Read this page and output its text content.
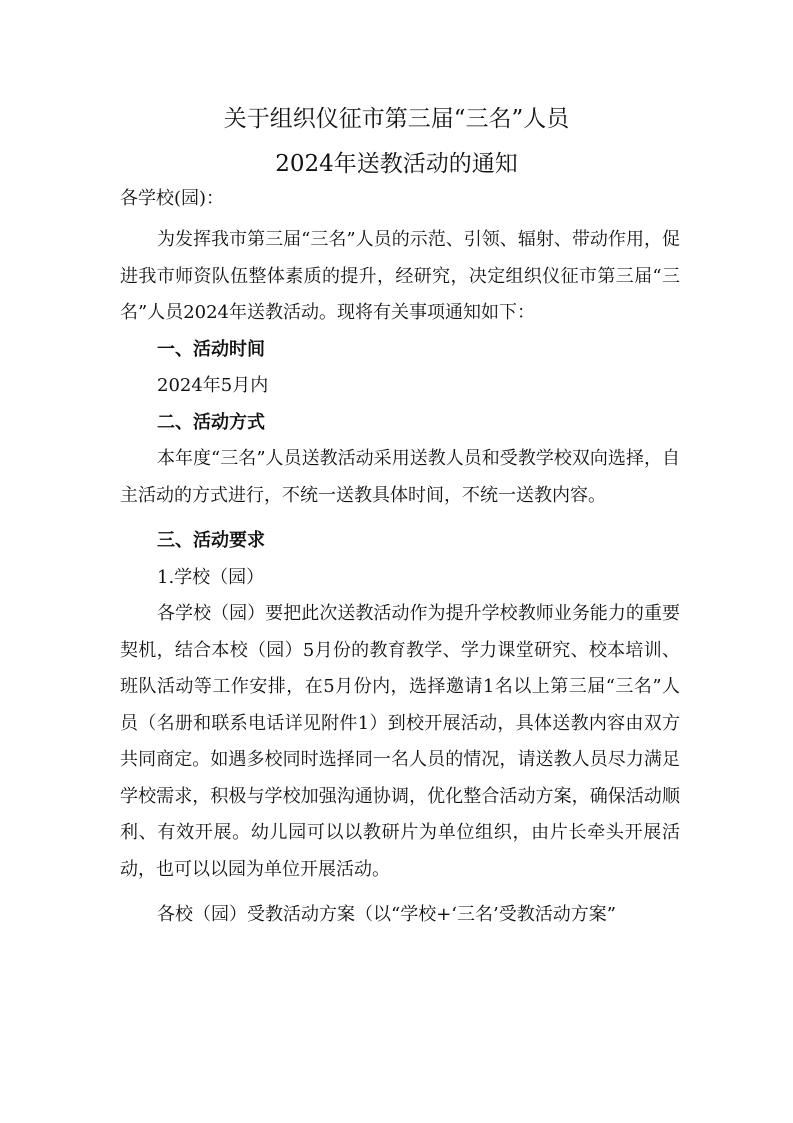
关于组织仪征市第三届“三名”人员
2024年送教活动的通知
各学校(园)：

为发挥我市第三届“三名”人员的示范、引领、辐射、带动作用，促进我市师资队伍整体素质的提升，经研究，决定组织仪征市第三届“三名”人员2024年送教活动。现将有关事项通知如下：

一、活动时间

2024年5月内

二、活动方式

本年度“三名”人员送教活动采用送教人员和受教学校双向选择，自主活动的方式进行，不统一送教具体时间，不统一送教内容。

三、活动要求

1.学校（园）

各学校（园）要把此次送教活动作为提升学校教师业务能力的重要契机，结合本校（园）5月份的教育教学、学力课堂研究、校本培训、班队活动等工作安排，在5月份内，选择邀请1名以上第三届“三名”人员（名册和联系电话详见附件1）到校开展活动，具体送教内容由双方共同商定。如遇多校同时选择同一名人员的情况，请送教人员尽力满足学校需求，积极与学校加强沟通协调，优化整合活动方案，确保活动顺利、有效开展。幼儿园可以以教研片为单位组织，由片长牵头开展活动，也可以以园为单位开展活动。

各校（园）受教活动方案（以“学校+‘三名’受教活动方案”
